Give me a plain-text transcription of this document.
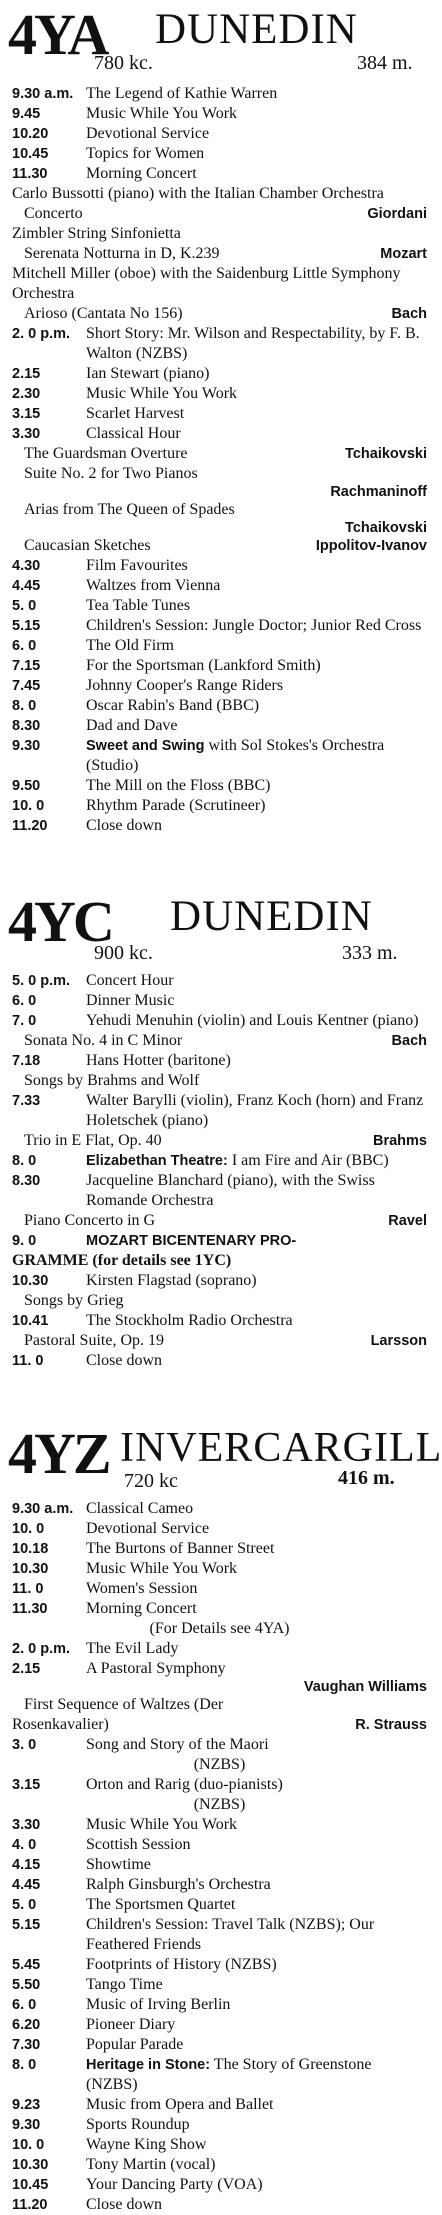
4YA DUNEDIN
780 kc.	384 m.
9.30 a.m. The Legend of Kathie Warren
9.45	Music While You Work
10.20	Devotional Service
10.45	Topics for Women
11.30	Morning Concert
Carlo Bussotti (piano) with the Italian Chamber Orchestra
Concerto	Giordani
Zimbler String Sinfonietta
Serenata Notturna in D, K.239	Mozart
Mitchell Miller (oboe) with the Saidenburg Little Symphony Orchestra
Arioso (Cantata No 156)	Bach
2. 0 p.m. Short Story: Mr. Wilson and Respectability, by F. B. Walton (NZBS)
2.15	Ian Stewart (piano)
2.30	Music While You Work
3.15	Scarlet Harvest
3.30	Classical Hour
The Guardsman Overture	Tchaikovski
Suite No. 2 for Two Pianos
Rachmaninoff
Arias from The Queen of Spades
Tchaikovski
Caucasian Sketches	Ippolitov-Ivanov
4.30	Film Favourites
4.45	Waltzes from Vienna
5. 0	Tea Table Tunes
5.15	Children's Session: Jungle Doctor; Junior Red Cross
6. 0	The Old Firm
7.15	For the Sportsman (Lankford Smith)
7.45	Johnny Cooper's Range Riders
8. 0	Oscar Rabin's Band (BBC)
8.30	Dad and Dave
9.30	Sweet and Swing with Sol Stokes's Orchestra (Studio)
9.50	The Mill on the Floss (BBC)
10. 0	Rhythm Parade (Scrutineer)
11.20	Close down
4YC DUNEDIN
900 kc.	333 m.
5. 0 p.m. Concert Hour
6. 0	Dinner Music
7. 0	Yehudi Menuhin (violin) and Louis Kentner (piano)
Sonata No. 4 in C Minor	Bach
7.18	Hans Hotter (baritone)
Songs by Brahms and Wolf
7.33	Walter Barylli (violin), Franz Koch (horn) and Franz Holetschek (piano)
Trio in E Flat, Op. 40	Brahms
8. 0	Elizabethan Theatre: I am Fire and Air (BBC)
8.30	Jacqueline Blanchard (piano), with the Swiss Romande Orchestra
Piano Concerto in G	Ravel
9. 0	MOZART BICENTENARY PRO-
GRAMME (for details see 1YC)
10.30	Kirsten Flagstad (soprano)
Songs by Grieg
10.41	The Stockholm Radio Orchestra
Pastoral Suite, Op. 19	Larsson
11. 0	Close down
4YZ INVERCARGILL
720 kc	416 m.
9.30 a.m. Classical Cameo
10. 0	Devotional Service
10.18	The Burtons of Banner Street
10.30	Music While You Work
11. 0	Women's Session
11.30	Morning Concert
(For Details see 4YA)
2. 0 p.m. The Evil Lady
2.15	A Pastoral Symphony
Vaughan Williams
First Sequence of Waltzes (Der
Rosenkavalier)	R. Strauss
3. 0	Song and Story of the Maori
(NZBS)
3.15	Orton and Rarig (duo-pianists)
(NZBS)
3.30	Music While You Work
4. 0	Scottish Session
4.15	Showtime
4.45	Ralph Ginsburgh's Orchestra
5. 0	The Sportsmen Quartet
5.15	Children's Session: Travel Talk (NZBS); Our Feathered Friends
5.45	Footprints of History (NZBS)
5.50	Tango Time
6. 0	Music of Irving Berlin
6.20	Pioneer Diary
7.30	Popular Parade
8. 0	Heritage in Stone: The Story of Greenstone (NZBS)
9.23	Music from Opera and Ballet
9.30	Sports Roundup
10. 0	Wayne King Show
10.30	Tony Martin (vocal)
10.45	Your Dancing Party (VOA)
11.20	Close down
